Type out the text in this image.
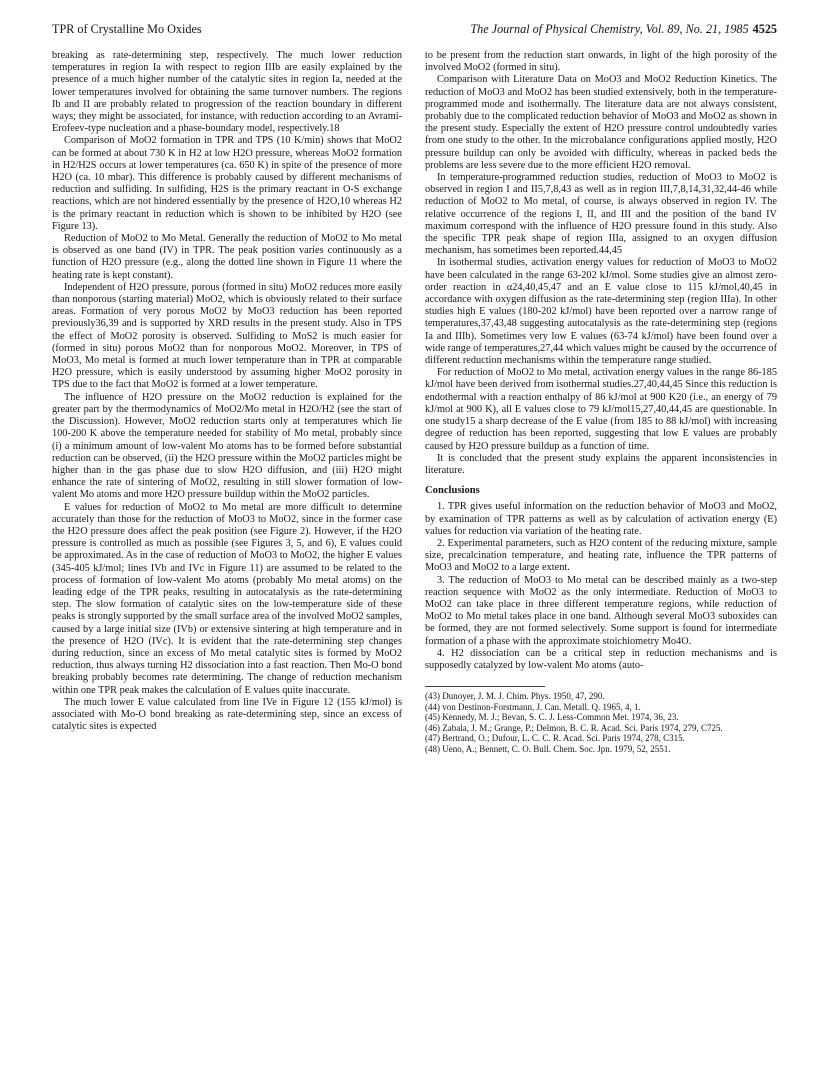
TPR of Crystalline Mo Oxides	The Journal of Physical Chemistry, Vol. 89, No. 21, 1985 4525

breaking as rate-determining step, respectively. The much lower reduction temperatures in region Ia with respect to region IIIb are easily explained by the presence of a much higher number of the catalytic sites in region Ia, needed at the lower temperatures involved for obtaining the same turnover numbers. The regions Ib and II are probably related to progression of the reaction boundary in different ways; they might be associated, for instance, with reduction according to an Avrami-Erofeev-type nucleation and a phase-boundary model, respectively.18

Comparison of MoO2 formation in TPR and TPS (10 K/min) shows that MoO2 can be formed at about 730 K in H2 at low H2O pressure, whereas MoO2 formation in H2/H2S occurs at lower temperatures (ca. 650 K) in spite of the presence of more H2O (ca. 10 mbar). This difference is probably caused by different mechanisms of reduction and sulfiding. In sulfiding, H2S is the primary reactant in O-S exchange reactions, which are not hindered essentially by the presence of H2O,10 whereas H2 is the primary reactant in reduction which is shown to be inhibited by H2O (see Figure 13).

Reduction of MoO2 to Mo Metal. Generally the reduction of MoO2 to Mo metal is observed as one band (IV) in TPR. The peak position varies continuously as a function of H2O pressure (e.g., along the dotted line shown in Figure 11 where the heating rate is kept constant).

Independent of H2O pressure, porous (formed in situ) MoO2 reduces more easily than nonporous (starting material) MoO2, which is obviously related to their surface areas. Formation of very porous MoO2 by MoO3 reduction has been reported previously36,39 and is supported by XRD results in the present study. Also in TPS the effect of MoO2 porosity is observed. Sulfiding to MoS2 is much easier for (formed in situ) porous MoO2 than for nonporous MoO2. Moreover, in TPS of MoO3, Mo metal is formed at much lower temperature than in TPR at comparable H2O pressure, which is easily understood by assuming higher MoO2 porosity in TPS due to the fact that MoO2 is formed at a lower temperature.

The influence of H2O pressure on the MoO2 reduction is explained for the greater part by the thermodynamics of MoO2/Mo metal in H2O/H2 (see the start of the Discussion). However, MoO2 reduction starts only at temperatures which lie 100-200 K above the temperature needed for stability of Mo metal, probably since (i) a minimum amount of low-valent Mo atoms has to be formed before substantial reduction can be observed, (ii) the H2O pressure within the MoO2 particles might be higher than in the gas phase due to slow H2O diffusion, and (iii) H2O might enhance the rate of sintering of MoO2, resulting in still slower formation of low-valent Mo atoms and more H2O pressure buildup within the MoO2 particles.

E values for reduction of MoO2 to Mo metal are more difficult to determine accurately than those for the reduction of MoO3 to MoO2, since in the former case the H2O pressure does affect the peak position (see Figure 2). However, if the H2O pressure is controlled as much as possible (see Figures 3, 5, and 6), E values could be approximated. As in the case of reduction of MoO3 to MoO2, the higher E values (345-405 kJ/mol; lines IVb and IVc in Figure 11) are assumed to be related to the process of formation of low-valent Mo atoms (probably Mo metal atoms) on the leading edge of the TPR peaks, resulting in autocatalysis as the rate-determining step. The slow formation of catalytic sites on the low-temperature side of these peaks is strongly supported by the small surface area of the involved MoO2 samples, caused by a large initial size (IVb) or extensive sintering at high temperature and in the presence of H2O (IVc). It is evident that the rate-determining step changes during reduction, since an excess of Mo metal catalytic sites is formed by MoO2 reduction, thus always turning H2 dissociation into a fast reaction. Then Mo-O bond breaking probably becomes rate determining. The change of reduction mechanism within one TPR peak makes the calculation of E values quite inaccurate.

The much lower E value calculated from line IVe in Figure 12 (155 kJ/mol) is associated with Mo-O bond breaking as rate-determining step, since an excess of catalytic sites is expected

to be present from the reduction start onwards, in light of the high porosity of the involved MoO2 (formed in situ).

Comparison with Literature Data on MoO3 and MoO2 Reduction Kinetics. The reduction of MoO3 and MoO2 has been studied extensively, both in the temperature-programmed mode and isothermally. The literature data are not always consistent, probably due to the complicated reduction behavior of MoO3 and MoO2 as shown in the present study. Especially the extent of H2O pressure control undoubtedly varies from one study to the other. In the microbalance configurations applied mostly, H2O pressure buildup can only be avoided with difficulty, whereas in packed beds the problems are less severe due to the more efficient H2O removal.

In temperature-programmed reduction studies, reduction of MoO3 to MoO2 is observed in region I and II5,7,8,43 as well as in region III,7,8,14,31,32,44-46 while reduction of MoO2 to Mo metal, of course, is always observed in region IV. The relative occurrence of the regions I, II, and III and the position of the band IV maximum correspond with the influence of H2O pressure found in this study. Also the specific TPR peak shape of region IIIa, assigned to an oxygen diffusion mechanism, has sometimes been reported.44,45

In isothermal studies, activation energy values for reduction of MoO3 to MoO2 have been calculated in the range 63-202 kJ/mol. Some studies give an almost zero-order reaction in α24,40,45,47 and an E value close to 115 kJ/mol,40,45 in accordance with oxygen diffusion as the rate-determining step (region IIIa). In other studies high E values (180-202 kJ/mol) have been reported over a narrow range of temperatures,37,43,48 suggesting autocatalysis as the rate-determining step (regions Ia and IIIb). Sometimes very low E values (63-74 kJ/mol) have been found over a wide range of temperatures,27,44 which values might be caused by the occurrence of different reduction mechanisms within the temperature range studied.

For reduction of MoO2 to Mo metal, activation energy values in the range 86-185 kJ/mol have been derived from isothermal studies.27,40,44,45 Since this reduction is endothermal with a reaction enthalpy of 86 kJ/mol at 900 K20 (i.e., an energy of 79 kJ/mol at 900 K), all E values close to 79 kJ/mol15,27,40,44,45 are questionable. In one study15 a sharp decrease of the E value (from 185 to 88 kJ/mol) with increasing degree of reduction has been reported, suggesting that low E values are probably caused by H2O pressure buildup as a function of time.

It is concluded that the present study explains the apparent inconsistencies in literature.

Conclusions

1. TPR gives useful information on the reduction behavior of MoO3 and MoO2, by examination of TPR patterns as well as by calculation of activation energy (E) values for reduction via variation of the heating rate.

2. Experimental parameters, such as H2O content of the reducing mixture, sample size, precalcination temperature, and heating rate, influence the TPR patterns of MoO3 and MoO2 to a large extent.

3. The reduction of MoO3 to Mo metal can be described mainly as a two-step reaction sequence with MoO2 as the only intermediate. Reduction of MoO3 to MoO2 can take place in three different temperature regions, while reduction of MoO2 to Mo metal takes place in one band. Although several MoO3 suboxides can be formed, they are not formed selectively. Some support is found for intermediate formation of a phase with the approximate stoichiometry Mo4O.

4. H2 dissociation can be a critical step in reduction mechanisms and is supposedly catalyzed by low-valent Mo atoms (auto-

(43) Dunoyer, J. M. J. Chim. Phys. 1950, 47, 290.
(44) von Destinon-Forstmann, J. Can. Metall. Q. 1965, 4, 1.
(45) Kennedy, M. J.; Bevan, S. C. J. Less-Common Met. 1974, 36, 23.
(46) Zabala, J. M.; Grange, P.; Delmon, B. C. R. Acad. Sci. Paris 1974, 279, C725.
(47) Bertrand, O.; Dufour, L. C. C. R. Acad. Sci. Paris 1974, 278, C315.
(48) Ueno, A.; Bennett, C. O. Bull. Chem. Soc. Jpn. 1979, 52, 2551.
